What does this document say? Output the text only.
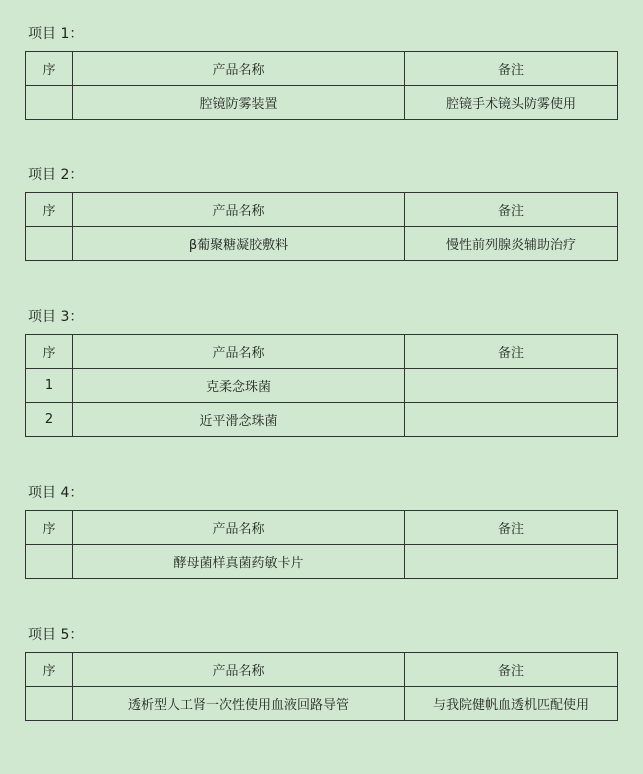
项目 1：
序	产品名称	备注
	腔镜防雾装置	腔镜手术镜头防雾使用
项目 2：
序	产品名称	备注
	β葡聚糖凝胶敷料	慢性前列腺炎辅助治疗
项目 3：
序	产品名称	备注
1	克柔念珠菌	
2	近平滑念珠菌	
项目 4：
序	产品名称	备注
	酵母菌样真菌药敏卡片	
项目 5：
序	产品名称	备注
	透析型人工肾一次性使用血液回路导管	与我院健帆血透机匹配使用
